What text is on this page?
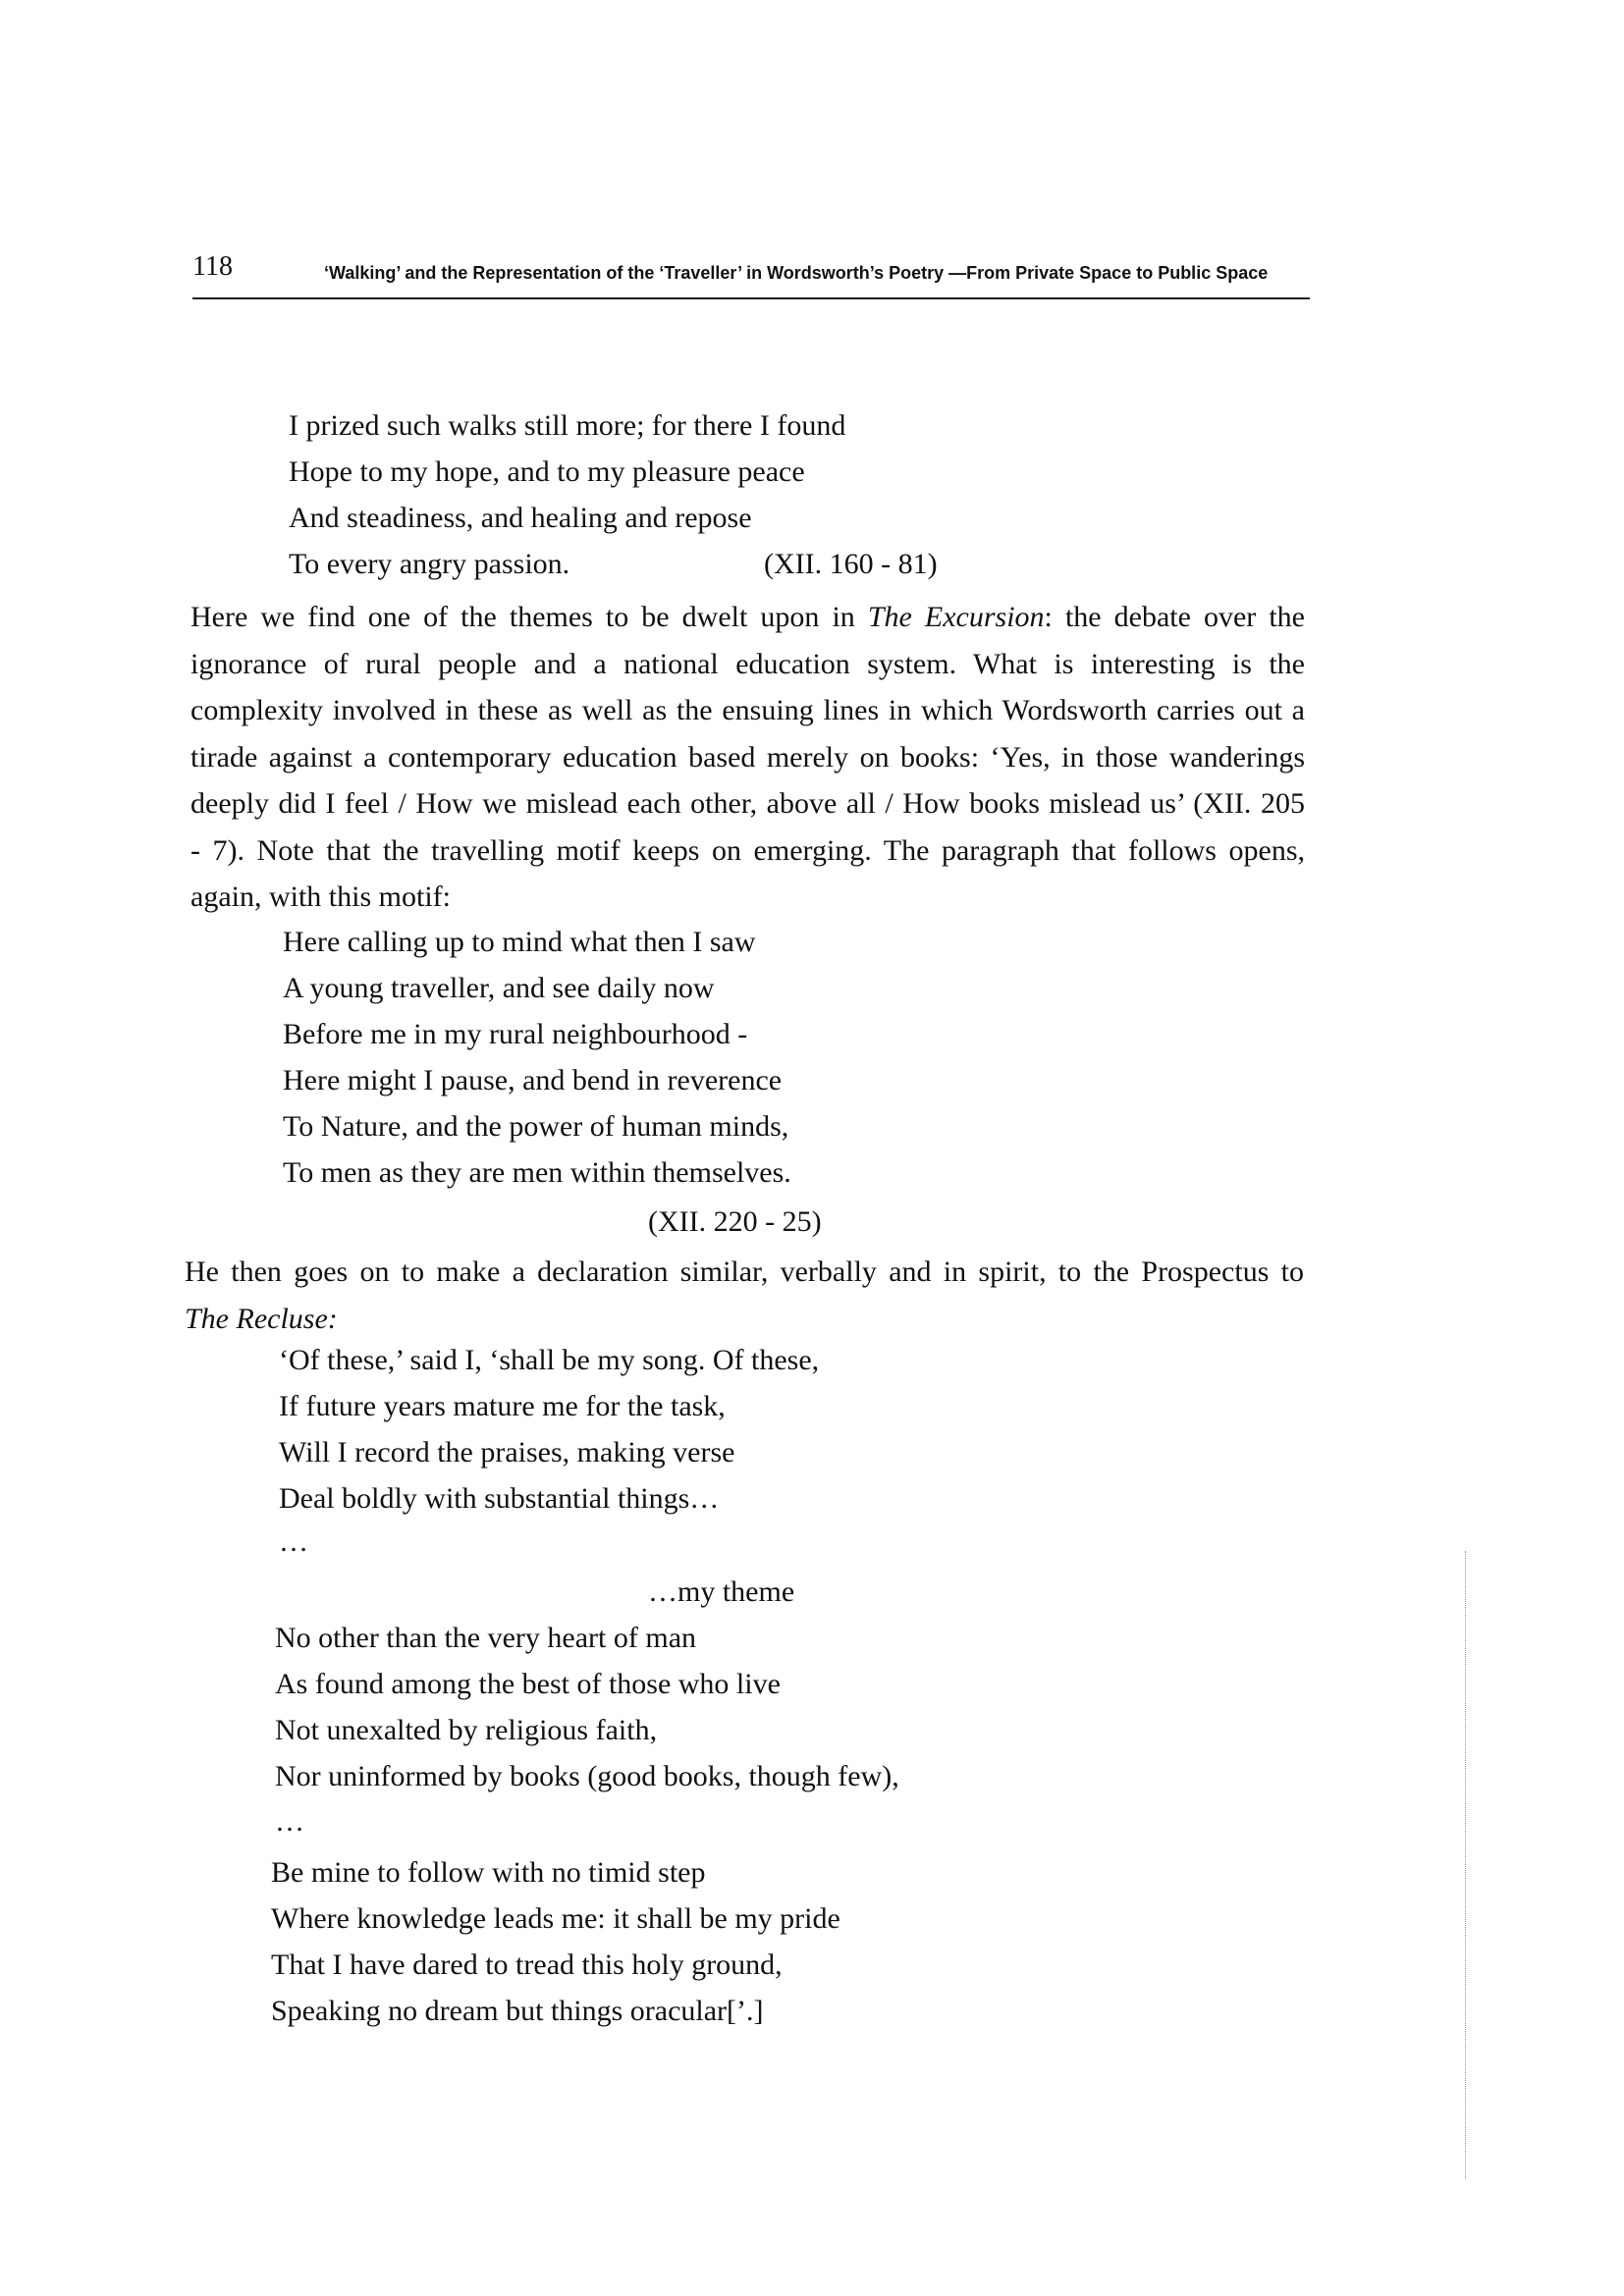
118	‘Walking’ and the Representation of the ‘Traveller’ in Wordsworth’s Poetry —From Private Space to Public Space
I prized such walks still more; for there I found
Hope to my hope, and to my pleasure peace
And steadiness, and healing and repose
To every angry passion.	(XII. 160 - 81)
Here we find one of the themes to be dwelt upon in The Excursion: the debate over the
ignorance of rural people and a national education system. What is interesting is the
complexity involved in these as well as the ensuing lines in which Wordsworth carries out a
tirade against a contemporary education based merely on books: ‘Yes, in those wanderings
deeply did I feel / How we mislead each other, above all / How books mislead us’ (XII. 205
- 7). Note that the travelling motif keeps on emerging. The paragraph that follows opens,
again, with this motif:
Here calling up to mind what then I saw
A young traveller, and see daily now
Before me in my rural neighbourhood -
Here might I pause, and bend in reverence
To Nature, and the power of human minds,
To men as they are men within themselves.
(XII. 220 - 25)
He then goes on to make a declaration similar, verbally and in spirit, to the Prospectus to
The Recluse:
‘Of these,’ said I, ‘shall be my song. Of these,
If future years mature me for the task,
Will I record the praises, making verse
Deal boldly with substantial things…
…
…my theme
No other than the very heart of man
As found among the best of those who live
Not unexalted by religious faith,
Nor uninformed by books (good books, though few),
…
Be mine to follow with no timid step
Where knowledge leads me: it shall be my pride
That I have dared to tread this holy ground,
Speaking no dream but things oracular[’.]
